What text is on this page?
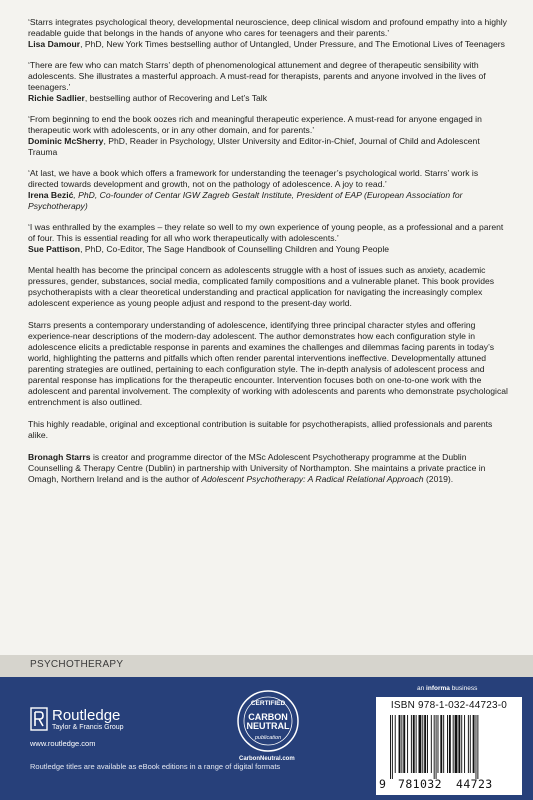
‘Starrs integrates psychological theory, developmental neuroscience, deep clinical wisdom and profound empathy into a highly readable guide that belongs in the hands of anyone who cares for teenagers and their parents.’

Lisa Damour, PhD, New York Times bestselling author of Untangled, Under Pressure, and The Emotional Lives of Teenagers

‘There are few who can match Starrs’ depth of phenomenological attunement and degree of therapeutic sensibility with adolescents. She illustrates a masterful approach. A must-read for therapists, parents and anyone involved in the lives of teenagers.’

Richie Sadlier, bestselling author of Recovering and Let’s Talk

‘From beginning to end the book oozes rich and meaningful therapeutic experience. A must-read for anyone engaged in therapeutic work with adolescents, or in any other domain, and for parents.’

Dominic McSherry, PhD, Reader in Psychology, Ulster University and Editor-in-Chief, Journal of Child and Adolescent Trauma

‘At last, we have a book which offers a framework for understanding the teenager’s psychological world. Starrs’ work is directed towards development and growth, not on the pathology of adolescence. A joy to read.’

Irena Bezić, PhD, Co-founder of Centar IGW Zagreb Gestalt Institute, President of EAP (European Association for Psychotherapy)

‘I was enthralled by the examples – they relate so well to my own experience of young people, as a professional and a parent of four. This is essential reading for all who work therapeutically with adolescents.’

Sue Pattison, PhD, Co-Editor, The Sage Handbook of Counselling Children and Young People

Mental health has become the principal concern as adolescents struggle with a host of issues such as anxiety, academic pressures, gender, substances, social media, complicated family compositions and a vulnerable planet. This book provides psychotherapists with a clear theoretical understanding and practical application for navigating the increasingly complex adolescent experience as young people adjust and respond to the present-day world.

Starrs presents a contemporary understanding of adolescence, identifying three principal character styles and offering experience-near descriptions of the modern-day adolescent. The author demonstrates how each configuration style in adolescence elicits a predictable response in parents and examines the challenges and dilemmas facing parents in today’s world, highlighting the patterns and pitfalls which often render parental interventions ineffective. Developmentally attuned parenting strategies are outlined, pertaining to each configuration style. The in-depth analysis of adolescent process and parental response has implications for the therapeutic encounter. Intervention focuses both on one-to-one work with the adolescent and parental involvement. The complexity of working with adolescents and parents who demonstrate psychological entrenchment is also outlined.

This highly readable, original and exceptional contribution is suitable for psychotherapists, allied professionals and parents alike.

Bronagh Starrs is creator and programme director of the MSc Adolescent Psychotherapy programme at the Dublin Counselling & Therapy Centre (Dublin) in partnership with University of Northampton. She maintains a private practice in Omagh, Northern Ireland and is the author of Adolescent Psychotherapy: A Radical Relational Approach (2019).

PSYCHOTHERAPY
Routledge
Taylor & Francis Group
www.routledge.com
Routledge titles are available as eBook editions in a range of digital formats
CERTIFIED
CARBON
NEUTRAL
publication
CarbonNeutral.com
an informa business
ISBN 978-1-032-44723-0
9 781032 44723
